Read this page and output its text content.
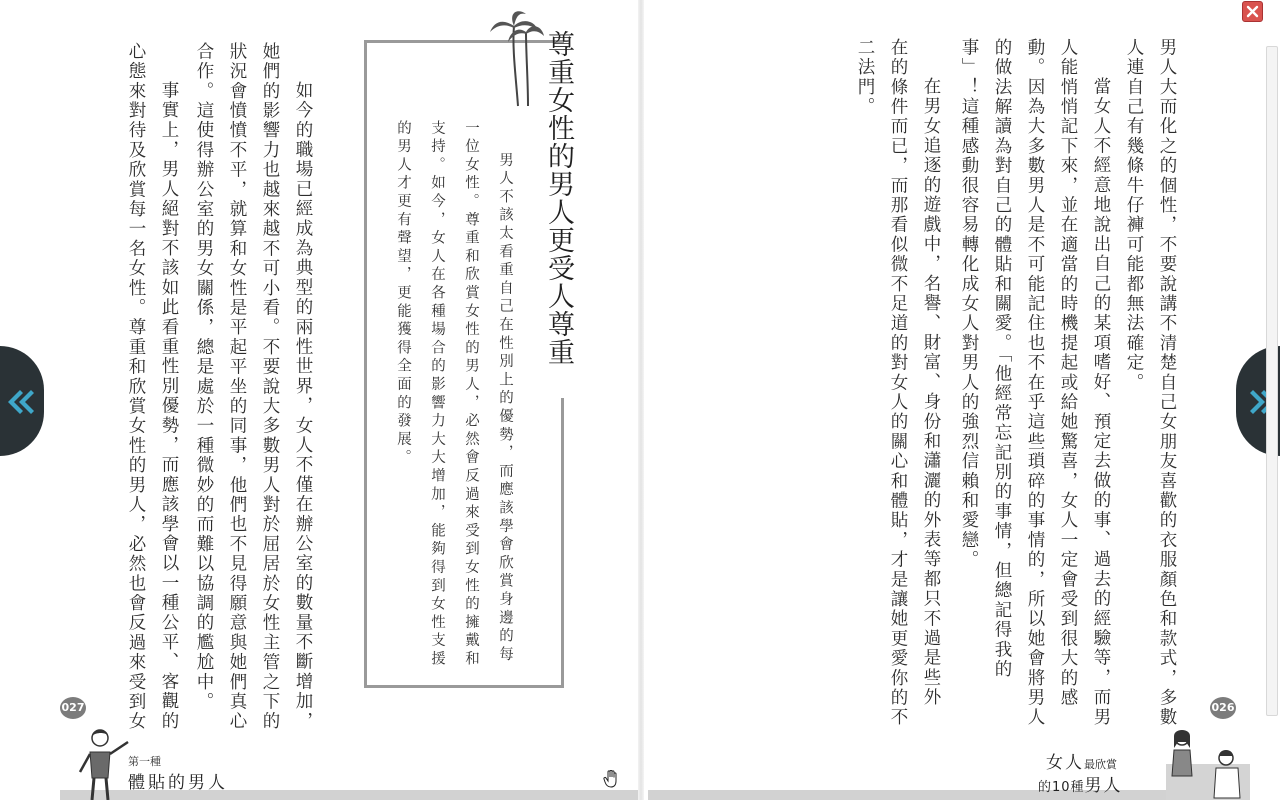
男人大而化之的個性，不要說講不清楚自己女朋友喜歡的衣服顏色和款式，多數
人連自己有幾條牛仔褲可能都無法確定。
當女人不經意地說出自己的某項嗜好、預定去做的事、過去的經驗等，而男
人能悄悄記下來，並在適當的時機提起或給她驚喜，女人一定會受到很大的感
動。因為大多數男人是不可能記住也不在乎這些瑣碎的事情的，所以她會將男人
的做法解讀為對自己的體貼和關愛。「他經常忘記別的事情，但總記得我的
事」！這種感動很容易轉化成女人對男人的強烈信賴和愛戀。
在男女追逐的遊戲中，名譽、財富、身份和瀟灑的外表等都只不過是些外
在的條件而已，而那看似微不足道的對女人的關心和體貼，才是讓她更愛你的不
二法門。
尊重女性的男人更受人尊重
男人不該太看重自己在性別上的優勢，而應該學會欣賞身邊的每
一位女性。尊重和欣賞女性的男人，必然會反過來受到女性的擁戴和
支持。如今，女人在各種場合的影響力大大增加，能夠得到女性支援
的男人才更有聲望，更能獲得全面的發展。
如今的職場已經成為典型的兩性世界，女人不僅在辦公室的數量不斷增加，
她們的影響力也越來越不可小看。不要說大多數男人對於屈居於女性主管之下的
狀況會憤憤不平，就算和女性是平起平坐的同事，他們也不見得願意與她們真心
合作。這使得辦公室的男女關係，總是處於一種微妙的而難以協調的尷尬中。
事實上，男人絕對不該如此看重性別優勢，而應該學會以一種公平、客觀的
心態來對待及欣賞每一名女性。尊重和欣賞女性的男人，必然也會反過來受到女
027	026
第一種
體貼的男人
女人最欣賞
的10種男人
